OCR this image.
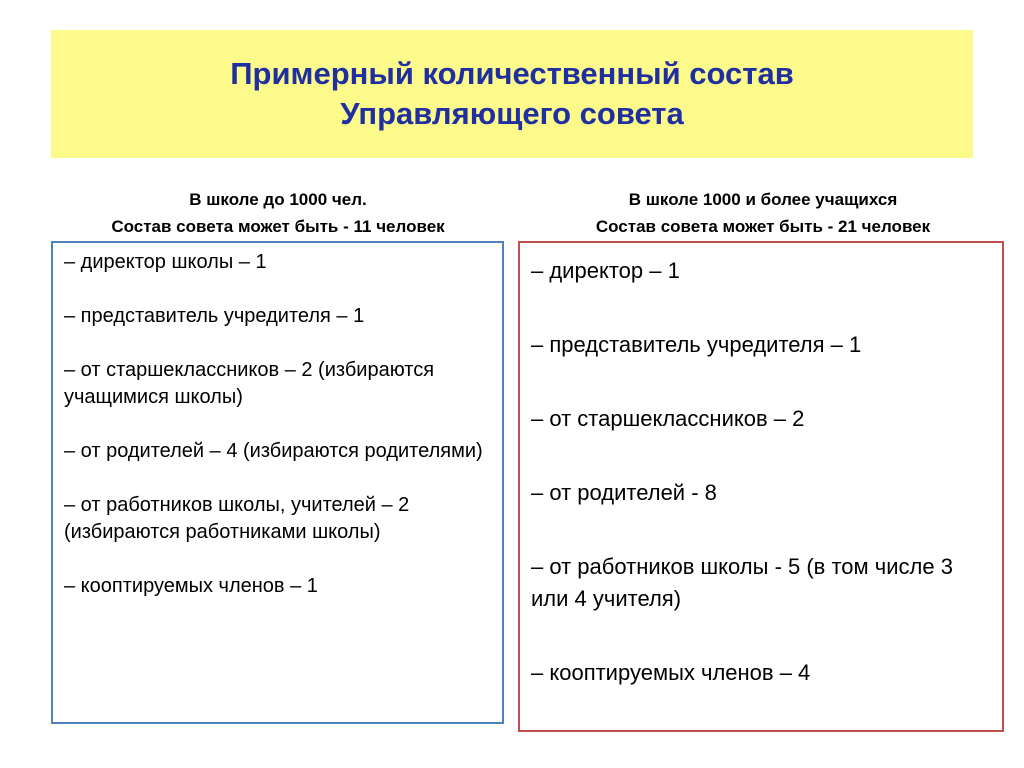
Примерный количественный состав
Управляющего совета
В школе до 1000 чел.
Состав совета может быть - 11 человек
В школе 1000 и более учащихся
Состав совета может быть - 21 человек
– директор школы – 1
– представитель учредителя – 1
– от старшеклассников – 2 (избираются учащимися школы)
– от родителей – 4 (избираются родителями)
– от работников школы, учителей – 2 (избираются работниками школы)
– кооптируемых членов – 1
– директор – 1
– представитель учредителя – 1
– от старшеклассников – 2
– от родителей - 8
– от работников школы - 5 (в том числе 3 или 4 учителя)
– кооптируемых членов – 4
